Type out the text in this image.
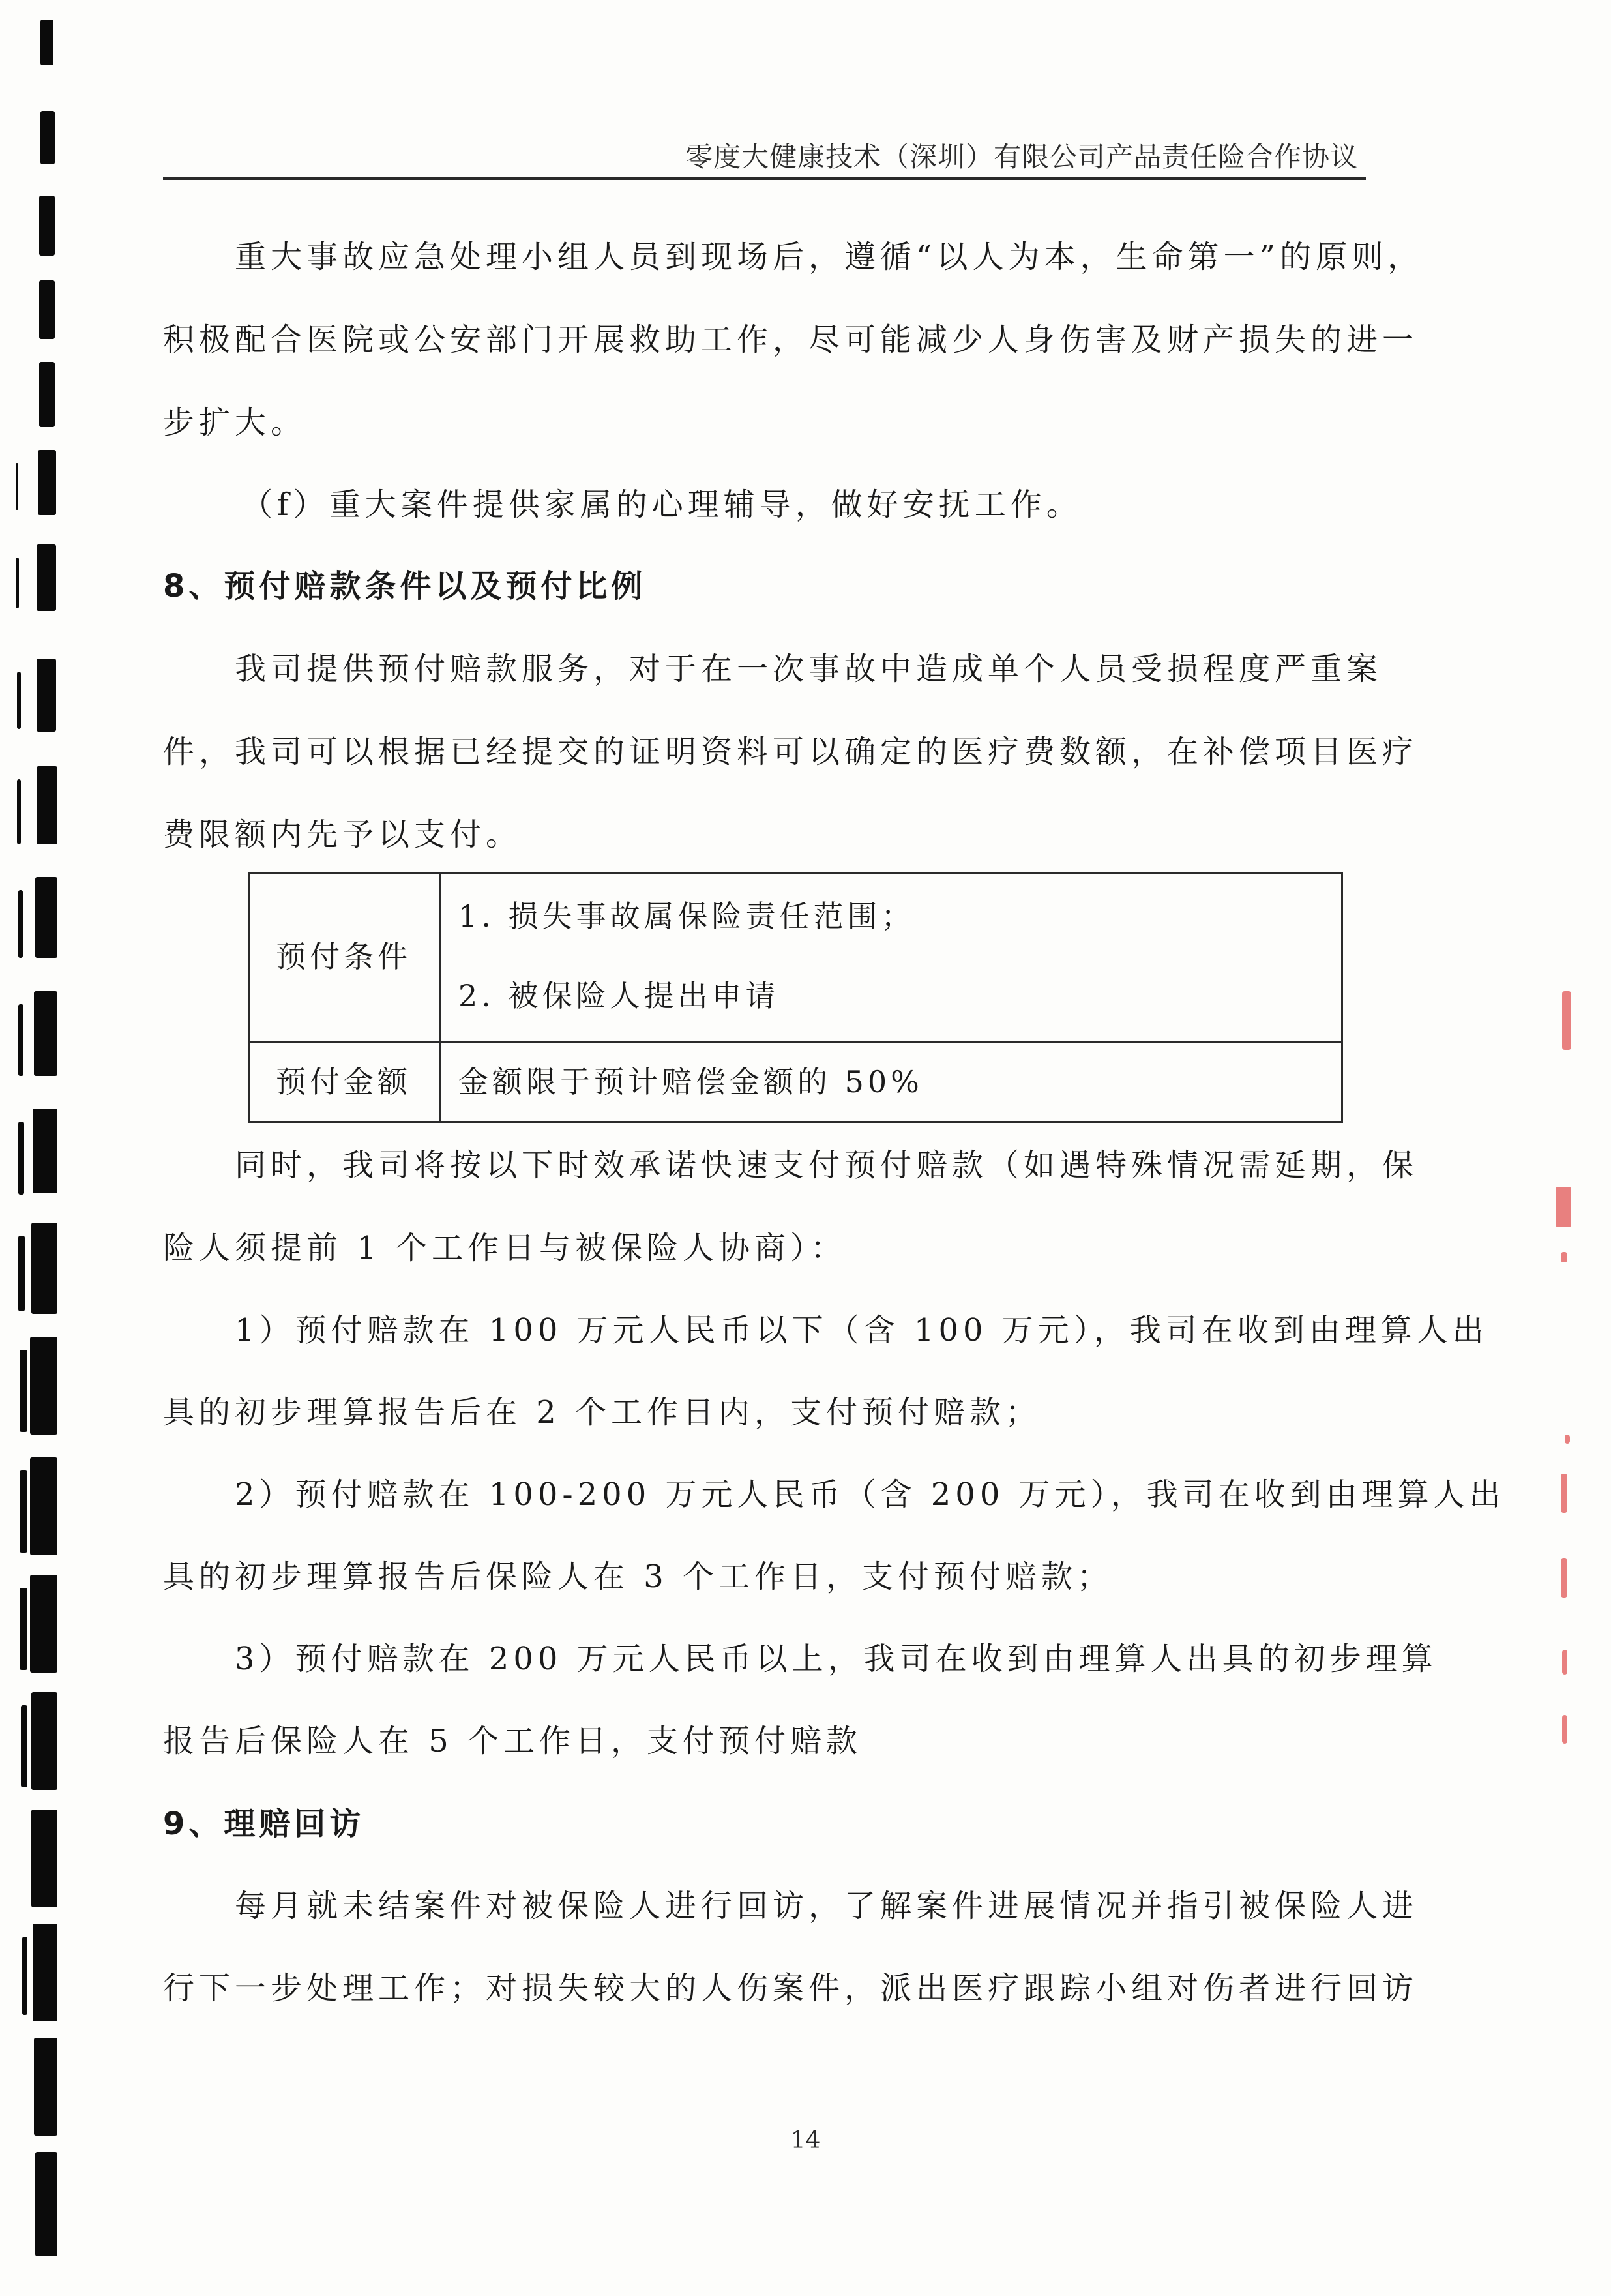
零度大健康技术（深圳）有限公司产品责任险合作协议
重大事故应急处理小组人员到现场后，遵循“以人为本，生命第一”的原则，
积极配合医院或公安部门开展救助工作，尽可能减少人身伤害及财产损失的进一
步扩大。
（f）重大案件提供家属的心理辅导，做好安抚工作。
8、预付赔款条件以及预付比例
我司提供预付赔款服务，对于在一次事故中造成单个人员受损程度严重案
件，我司可以根据已经提交的证明资料可以确定的医疗费数额，在补偿项目医疗
费限额内先予以支付。
预付条件
1. 损失事故属保险责任范围；
2. 被保险人提出申请
预付金额 金额限于预计赔偿金额的 50%
同时，我司将按以下时效承诺快速支付预付赔款（如遇特殊情况需延期，保
险人须提前 1 个工作日与被保险人协商）：
1）预付赔款在 100 万元人民币以下（含 100 万元），我司在收到由理算人出
具的初步理算报告后在 2 个工作日内，支付预付赔款；
2）预付赔款在 100-200 万元人民币（含 200 万元），我司在收到由理算人出
具的初步理算报告后保险人在 3 个工作日，支付预付赔款；
3）预付赔款在 200 万元人民币以上，我司在收到由理算人出具的初步理算
报告后保险人在 5 个工作日，支付预付赔款
9、理赔回访
每月就未结案件对被保险人进行回访，了解案件进展情况并指引被保险人进
行下一步处理工作；对损失较大的人伤案件，派出医疗跟踪小组对伤者进行回访
14
